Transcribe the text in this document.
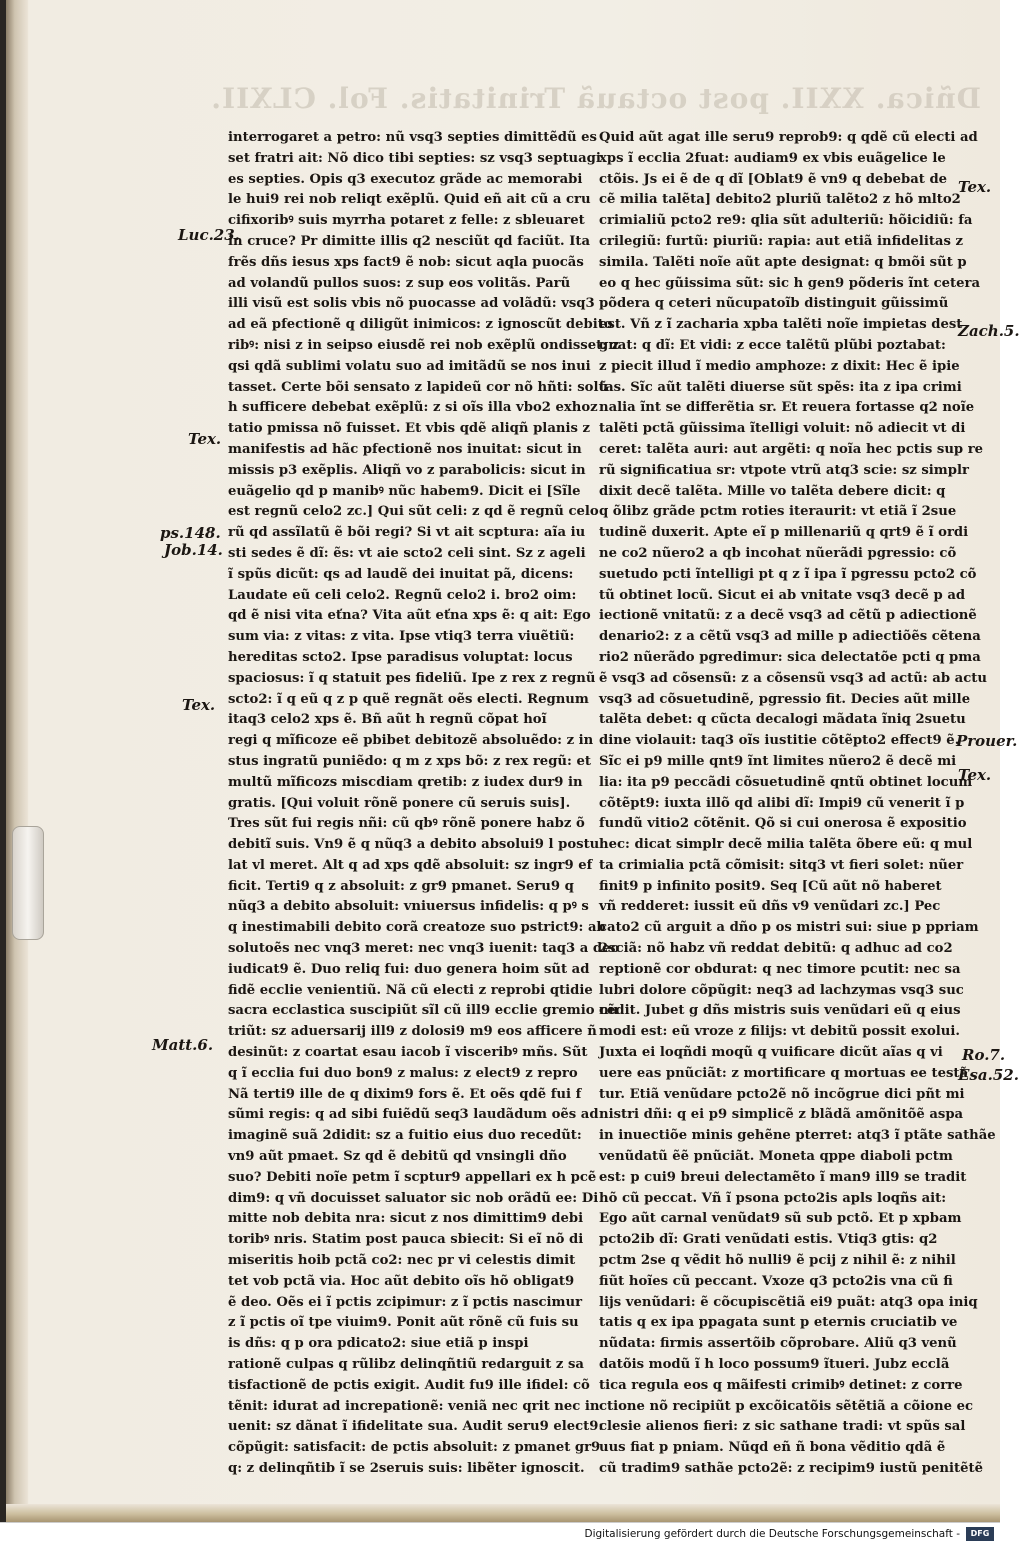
Dñica. XXII. post octauã Trinitatis. Fol. CLXII.
Luc.23.
Tex.
ps.148.
Job.14.
Tex.
Matt.6.
Tex.
Zach.5.
Prouer.
Tex.
Ro.7.
Esa.52.
interrogaret a petro: nũ vsq3 septies dimittẽdũ es
set fratri ait: Nõ dico tibi septies: sz vsq3 septuagi
es septies. Opis q3 executoz grãde ac memorabi
le hui9 rei nob reliqt exẽplũ. Quid eñ ait cũ a cru
cifixoribꝰ suis myrrha potaret z felle: z sbleuaret
in cruce? Pr dimitte illis q2 nesciũt qd faciũt. Ita
frẽs dñs iesus xps fact9 ẽ nob: sicut aqla puocãs
ad volandũ pullos suos: z sup eos volitãs. Parũ
illi visũ est solis vbis nõ puocasse ad volãdũ: vsq3
ad eã pfectionẽ q diligũt inimicos: z ignoscũt debito
ribꝰ: nisi z in seipso eiusdẽ rei nob exẽplũ ondisset: z
qsi qdã sublimi volatu suo ad imitãdũ se nos inui
tasset. Certe bõi sensato z lapideũ cor nõ hñti: solũ
h sufficere debebat exẽplũ: z si oĩs illa vbo2 exhoz
tatio pmissa nõ fuisset. Et vbis qdẽ aliqñ planis z
manifestis ad hãc pfectionẽ nos inuitat: sicut in
missis p3 exẽplis. Aliqñ vo z parabolicis: sicut in
euãgelio qd p manibꝰ nũc habem9. Dicit ei [Sĩle
est regnũ celo2 zc.] Qui sũt celi: z qd ẽ regnũ celo
rũ qd assĩlatũ ẽ bõi regi? Si vt ait scptura: aĩa iu
sti sedes ẽ dĩ: ẽs: vt aie scto2 celi sint. Sz z ageli
ĩ spũs dicũt: qs ad laudẽ dei inuitat pã, dicens:
Laudate eũ celi celo2. Regnũ celo2 i. bro2 oim:
qd ẽ nisi vita eťna? Vita aũt eťna xps ẽ: q ait: Ego
sum via: z vitas: z vita. Ipse vtiq3 terra viuẽtiũ:
hereditas scto2. Ipse paradisus voluptat: locus
spaciosus: ĩ q statuit pes fideliũ. Ipe z rex z regnũ
scto2: ĩ q eũ q z p quẽ regnãt oẽs electi. Regnum
itaq3 celo2 xps ẽ. Bñ aũt h regnũ cõpat hoĩ
regi q mĩficoze eẽ pbibet debitozẽ absoluẽdo: z in
stus ingratũ puniẽdo: q m z xps bõ: z rex regũ: et
multũ mĩficozs miscdiam qretib: z iudex dur9 in
gratis. [Qui voluit rõnẽ ponere cũ seruis suis].
Tres sũt fui regis nñi: cũ qbꝰ rõnẽ ponere habz õ
debitĩ suis. Vn9 ẽ q nũq3 a debito absolui9 l postu
lat vl meret. Alt q ad xps qdẽ absoluit: sz ingr9 ef
ficit. Terti9 q z absoluit: z gr9 pmanet. Seru9 q
nũq3 a debito absoluit: vniuersus infidelis: q pꝰ s
q inestimabili debito corã creatoze suo pstrict9: ab
solutoẽs nec vnq3 meret: nec vnq3 iuenit: taq3 a deo
iudicat9 ẽ. Duo reliq fui: duo genera hoim sũt ad
fidẽ ecclie venientiũ. Nã cũ electi z reprobi qtidie
sacra ecclastica suscipiũt sĩl cũ ill9 ecclie gremio nu
triũt: sz aduersarij ill9 z dolosi9 m9 eos afficere ñ
desinũt: z coartat esau iacob ĩ visceribꝰ mñs. Sũt
q ĩ ecclia fui duo bon9 z malus: z elect9 z repro
Nã terti9 ille de q dixim9 fors ẽ. Et oẽs qdẽ fui f
sũmi regis: q ad sibi fuiẽdũ seq3 laudãdum oẽs ad
imaginẽ suã 2didit: sz a fuitio eius duo recedũt:
vn9 aũt pmaet. Sz qd ẽ debitũ qd vnsingli dño
suo? Debiti noĩe petm ĩ scptur9 appellari ex h pcẽ
dim9: q vñ docuisset saluator sic nob orãdũ ee: Di
mitte nob debita nra: sicut z nos dimittim9 debi
toribꝰ nris. Statim post pauca sbiecit: Si eĩ nõ di
miseritis hoib pctã co2: nec pr vi celestis dimit
tet vob pctã via. Hoc aũt debito oĩs hõ obligat9
ẽ deo. Oẽs ei ĩ pctis zcipimur: z ĩ pctis nascimur
z ĩ pctis oĩ tpe viuim9. Ponit aũt rõnẽ cũ fuis su
is dñs: q p ora pdicato2: siue etiã p inspi
rationẽ culpas q rũlibz delinqñtiũ redarguit z sa
tisfactionẽ de pctis exigit. Audit fu9 ille ifidel: cõ
tẽnit: idurat ad increpationẽ: veniã nec qrit nec in
uenit: sz dãnat ĩ ifidelitate sua. Audit seru9 elect9:
cõpũgit: satisfacit: de pctis absoluit: z pmanet gr9
q: z delinqñtib ĩ se 2seruis suis: libẽter ignoscit.
Quid aũt agat ille seru9 reprob9: q qdẽ cũ electi ad
xps ĩ ecclia 2fuat: audiam9 ex vbis euãgelice le
ctõis. Js ei ẽ de q dĩ [Oblat9 ẽ vn9 q debebat de
cẽ milia talẽta] debito2 pluriũ talẽto2 z hõ mlto2
crimialiũ pcto2 re9: qlia sũt adulteriũ: hõicidiũ: fa
crilegiũ: furtũ: piuriũ: rapia: aut etiã infidelitas z
simila. Talẽti noĩe aũt apte designat: q bmõi sũt p
eo q hec gũissima sũt: sic h gen9 põderis ĩnt cetera
põdera q ceteri nũcupatoĩb distinguit gũissimũ
est. Vñ z ĩ zacharia xpba talẽti noĩe impietas dest
gnat: q dĩ: Et vidi: z ecce talẽtũ plũbi poztabat:
z piecit illud ĩ medio amphoze: z dixit: Hec ẽ ipie
tas. Sĩc aũt talẽti diuerse sũt spẽs: ita z ipa crimi
nalia ĩnt se differẽtia sr. Et reuera fortasse q2 noĩe
talẽti pctã gũissima ĩtelligi voluit: nõ adiecit vt di
ceret: talẽta auri: aut argẽti: q noĩa hec pctis sup re
rũ significatiua sr: vtpote vtrũ atq3 scie: sz simplr
dixit decẽ talẽta. Mille vo talẽta debere dicit: q
q õlibz grãde pctm roties iteraurit: vt etiã ĩ 2sue
tudinẽ duxerit. Apte eĩ p millenariũ q qrt9 ẽ ĩ ordi
ne co2 nũero2 a qb incohat nũerãdi pgressio: cõ
suetudo pcti ĩntelligi pt q z ĩ ipa ĩ pgressu pcto2 cõ
tũ obtinet locũ. Sicut ei ab vnitate vsq3 decẽ p ad
iectionẽ vnitatũ: z a decẽ vsq3 ad cẽtũ p adiectionẽ
denario2: z a cẽtũ vsq3 ad mille p adiectiõẽs cẽtena
rio2 nũerãdo pgredimur: sica delectatõe pcti q pma
ẽ vsq3 ad cõsensũ: z a cõsensũ vsq3 ad actũ: ab actu
vsq3 ad cõsuetudinẽ, pgressio fit. Decies aũt mille
talẽta debet: q cũcta decalogi mãdata ĩniq 2suetu
dine violauit: taq3 oĩs iustitie cõtẽpto2 effect9 ẽ.
Sĩc ei p9 mille qnt9 ĩnt limites nũero2 ẽ decẽ mi
lia: ita p9 peccãdi cõsuetudinẽ qntũ obtinet locum
cõtẽpt9: iuxta illõ qd alibi dĩ: Impi9 cũ venerit ĩ p
fundũ vitio2 cõtẽnit. Qõ si cui onerosa ẽ expositio
hec: dicat simplr decẽ milia talẽta õbere eũ: q mul
ta crimialia pctã cõmisit: sitq3 vt fieri solet: nũer
finit9 p infinito posit9. Seq [Cũ aũt nõ haberet
vñ redderet: iussit eũ dñs v9 venũdari zc.] Pec
cato2 cũ arguit a dño p os mistri sui: siue p ppriam
2sciã: nõ habz vñ reddat debitũ: q adhuc ad co2
reptionẽ cor obdurat: q nec timore pcutit: nec sa
lubri dolore cõpũgit: neq3 ad lachzymas vsq3 suc
cẽdit. Jubet g dñs mistris suis venũdari eũ q eius
modi est: eũ vroze z filijs: vt debitũ possit exolui.
Juxta ei loqñdi moqũ q vuificare dicũt aĩas q vi
uere eas pnũciãt: z mortificare q mortuas ee testã
tur. Etiã venũdare pcto2ẽ nõ incõgrue dici pñt mi
nistri dñi: q ei p9 simplicẽ z blãdã amõnitõẽ aspa
in inuectiõe minis gehẽne pterret: atq3 ĩ ptãte sathãe
venũdatũ ẽẽ pnũciãt. Moneta qppe diaboli pctm
est: p cui9 breui delectamẽto ĩ man9 ill9 se tradit
hõ cũ peccat. Vñ ĩ psona pcto2is apls loqñs ait:
Ego aũt carnal venũdat9 sũ sub pctõ. Et p xpbam
pcto2ib dĩ: Grati venũdati estis. Vtiq3 gtis: q2
pctm 2se q vẽdit hõ nulli9 ẽ pcij z nihil ẽ: z nihil
fiũt hoĩes cũ peccant. Vxoze q3 pcto2is vna cũ fi
lijs venũdari: ẽ cõcupiscẽtiã ei9 puãt: atq3 opa iniq
tatis q ex ipa ppagata sunt p eternis cruciatib ve
nũdata: firmis assertõib cõprobare. Aliũ q3 venũ
datõis modũ ĩ h loco possum9 ĩtueri. Jubz ecclã
tica regula eos q mãifesti crimibꝰ detinet: z corre
ctione nõ recipiũt p excõicatõis sẽtẽtiã a cõione ec
clesie alienos fieri: z sic sathane tradi: vt spũs sal
uus fiat p pniam. Nũqd eñ ñ bona vẽditio qdã ẽ
cũ tradim9 sathãe pcto2ẽ: z recipim9 iustũ penitẽtẽ
Digitalisierung gefördert durch die Deutsche Forschungsgemeinschaft -	DFG
